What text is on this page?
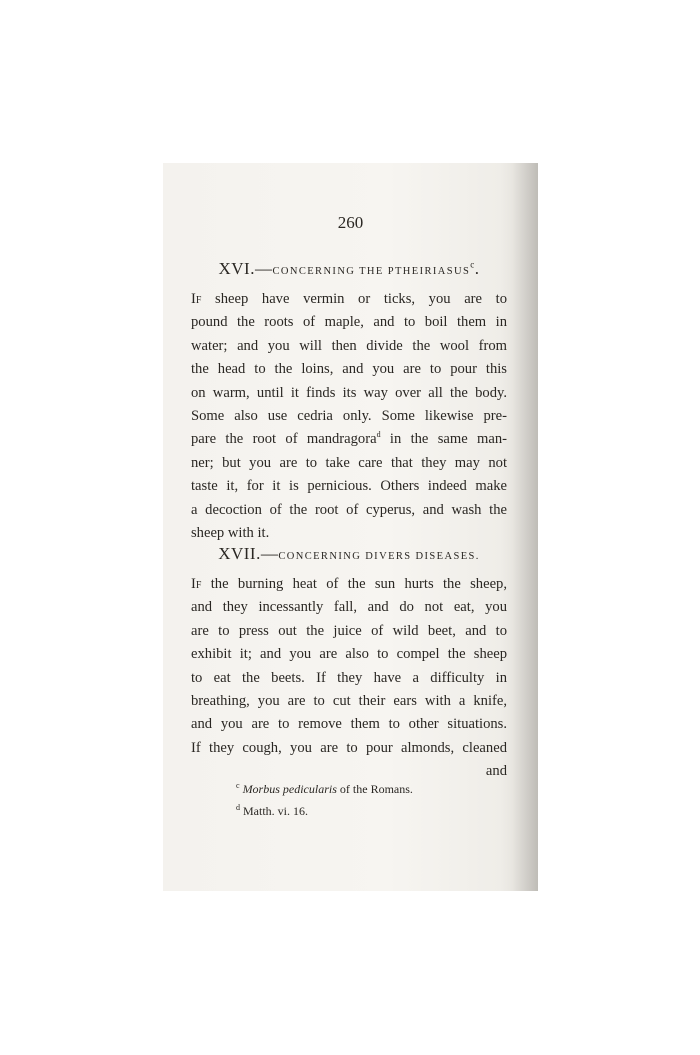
260
XVI.—CONCERNING THE PTHEIRIASUS$^c$.
If sheep have vermin or ticks, you are to
pound the roots of maple, and to boil them in
water; and you will then divide the wool from
the head to the loins, and you are to pour this
on warm, until it finds its way over all the body.
Some also use cedria only. Some likewise pre-
pare the root of mandragora$^d$ in the same man-
ner; but you are to take care that they may not
taste it, for it is pernicious. Others indeed make
a decoction of the root of cyperus, and wash the
sheep with it.
XVII.—CONCERNING DIVERS DISEASES.
If the burning heat of the sun hurts the sheep,
and they incessantly fall, and do not eat, you
are to press out the juice of wild beet, and to
exhibit it; and you are also to compel the sheep
to eat the beets. If they have a difficulty in
breathing, you are to cut their ears with a knife,
and you are to remove them to other situations.
If they cough, you are to pour almonds, cleaned
and
$^c$ Morbus pedicularis of the Romans.
$^d$ Matth. vi. 16.
